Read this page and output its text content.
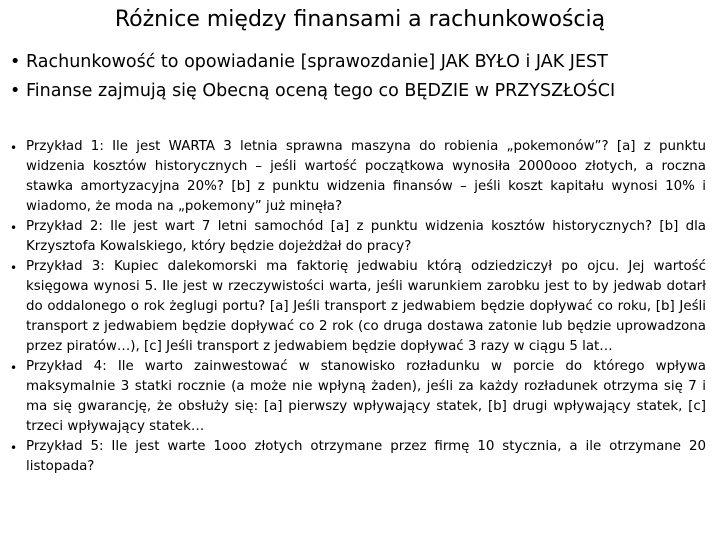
Różnice między finansami a rachunkowością
• Rachunkowość to opowiadanie [sprawozdanie] JAK BYŁO i JAK JEST
• Finanse zajmują się Obecną oceną tego co BĘDZIE w PRZYSZŁOŚCI
• Przykład 1: Ile jest WARTA 3 letnia sprawna maszyna do robienia „pokemonów”? [a] z punktu widzenia kosztów historycznych – jeśli wartość początkowa wynosiła 2000ooo złotych, a roczna stawka amortyzacyjna 20%? [b] z punktu widzenia finansów – jeśli koszt kapitału wynosi 10% i wiadomo, że moda na „pokemony” już minęła?
• Przykład 2: Ile jest wart 7 letni samochód [a] z punktu widzenia kosztów historycznych? [b] dla Krzysztofa Kowalskiego, który będzie dojeżdżał do pracy?
• Przykład 3: Kupiec dalekomorski ma faktorię jedwabiu którą odziedziczył po ojcu. Jej wartość księgowa wynosi 5. Ile jest w rzeczywistości warta, jeśli warunkiem zarobku jest to by jedwab dotarł do oddalonego o rok żeglugi portu? [a] Jeśli transport z jedwabiem będzie dopływać co roku, [b] Jeśli transport z jedwabiem będzie dopływać co 2 rok (co druga dostawa zatonie lub będzie uprowadzona przez piratów…), [c] Jeśli transport z jedwabiem będzie dopływać 3 razy w ciągu 5 lat…
• Przykład 4: Ile warto zainwestować w stanowisko rozładunku w porcie do którego wpływa maksymalnie 3 statki rocznie (a może nie wpłyną żaden), jeśli za każdy rozładunek otrzyma się 7 i ma się gwarancję, że obsłuży się: [a] pierwszy wpływający statek, [b] drugi wpływający statek, [c] trzeci wpływający statek…
• Przykład 5: Ile jest warte 1ooo złotych otrzymane przez firmę 10 stycznia, a ile otrzymane 20 listopada?
